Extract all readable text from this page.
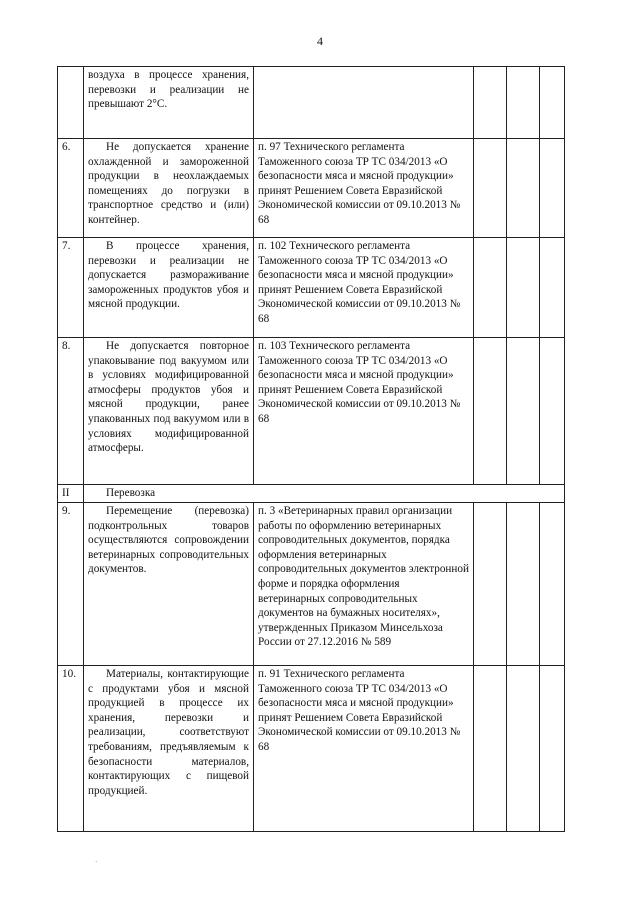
4

	воздуха в процессе хранения, перевозки и реализации не превышают 2°С.				

6.	Не допускается хранение охлажденной и замороженной продукции в неохлаждаемых помещениях до погрузки в транспортное средство и (или) контейнер.	п. 97 Технического регламента Таможенного союза ТР ТС 034/2013 «О безопасности мяса и мясной продукции» принят Решением Совета Евразийской Экономической комиссии от 09.10.2013 № 68			
7.	В процессе хранения, перевозки и реализации не допускается размораживание замороженных продуктов убоя и мясной продукции.	п. 102 Технического регламента Таможенного союза ТР ТС 034/2013 «О безопасности мяса и мясной продукции» принят Решением Совета Евразийской Экономической комиссии от 09.10.2013 № 68			
8.	Не допускается повторное упаковывание под вакуумом или в условиях модифицированной атмосферы продуктов убоя и мясной продукции, ранее упакованных под вакуумом или в условиях модифицированной атмосферы.	п. 103 Технического регламента Таможенного союза ТР ТС 034/2013 «О безопасности мяса и мясной продукции» принят Решением Совета Евразийской Экономической комиссии от 09.10.2013 № 68			
II	Перевозка				
9.	Перемещение (перевозка) подконтрольных товаров осуществляются сопровождении ветеринарных сопроводительных документов.	п. 3 «Ветеринарных правил организации работы по оформлению ветеринарных сопроводительных документов, порядка оформления ветеринарных сопроводительных документов электронной форме и порядка оформления ветеринарных сопроводительных документов на бумажных носителях», утвержденных Приказом Минсельхоза России от 27.12.2016 № 589			
10.	Материалы, контактирующие с продуктами убоя и мясной продукцией в процессе их хранения, перевозки и реализации, соответствуют требованиям, предъявляемым к безопасности материалов, контактирующих с пищевой продукцией.	п. 91 Технического регламента Таможенного союза ТР ТС 034/2013 «О безопасности мяса и мясной продукции» принят Решением Совета Евразийской Экономической комиссии от 09.10.2013 № 68			
·
